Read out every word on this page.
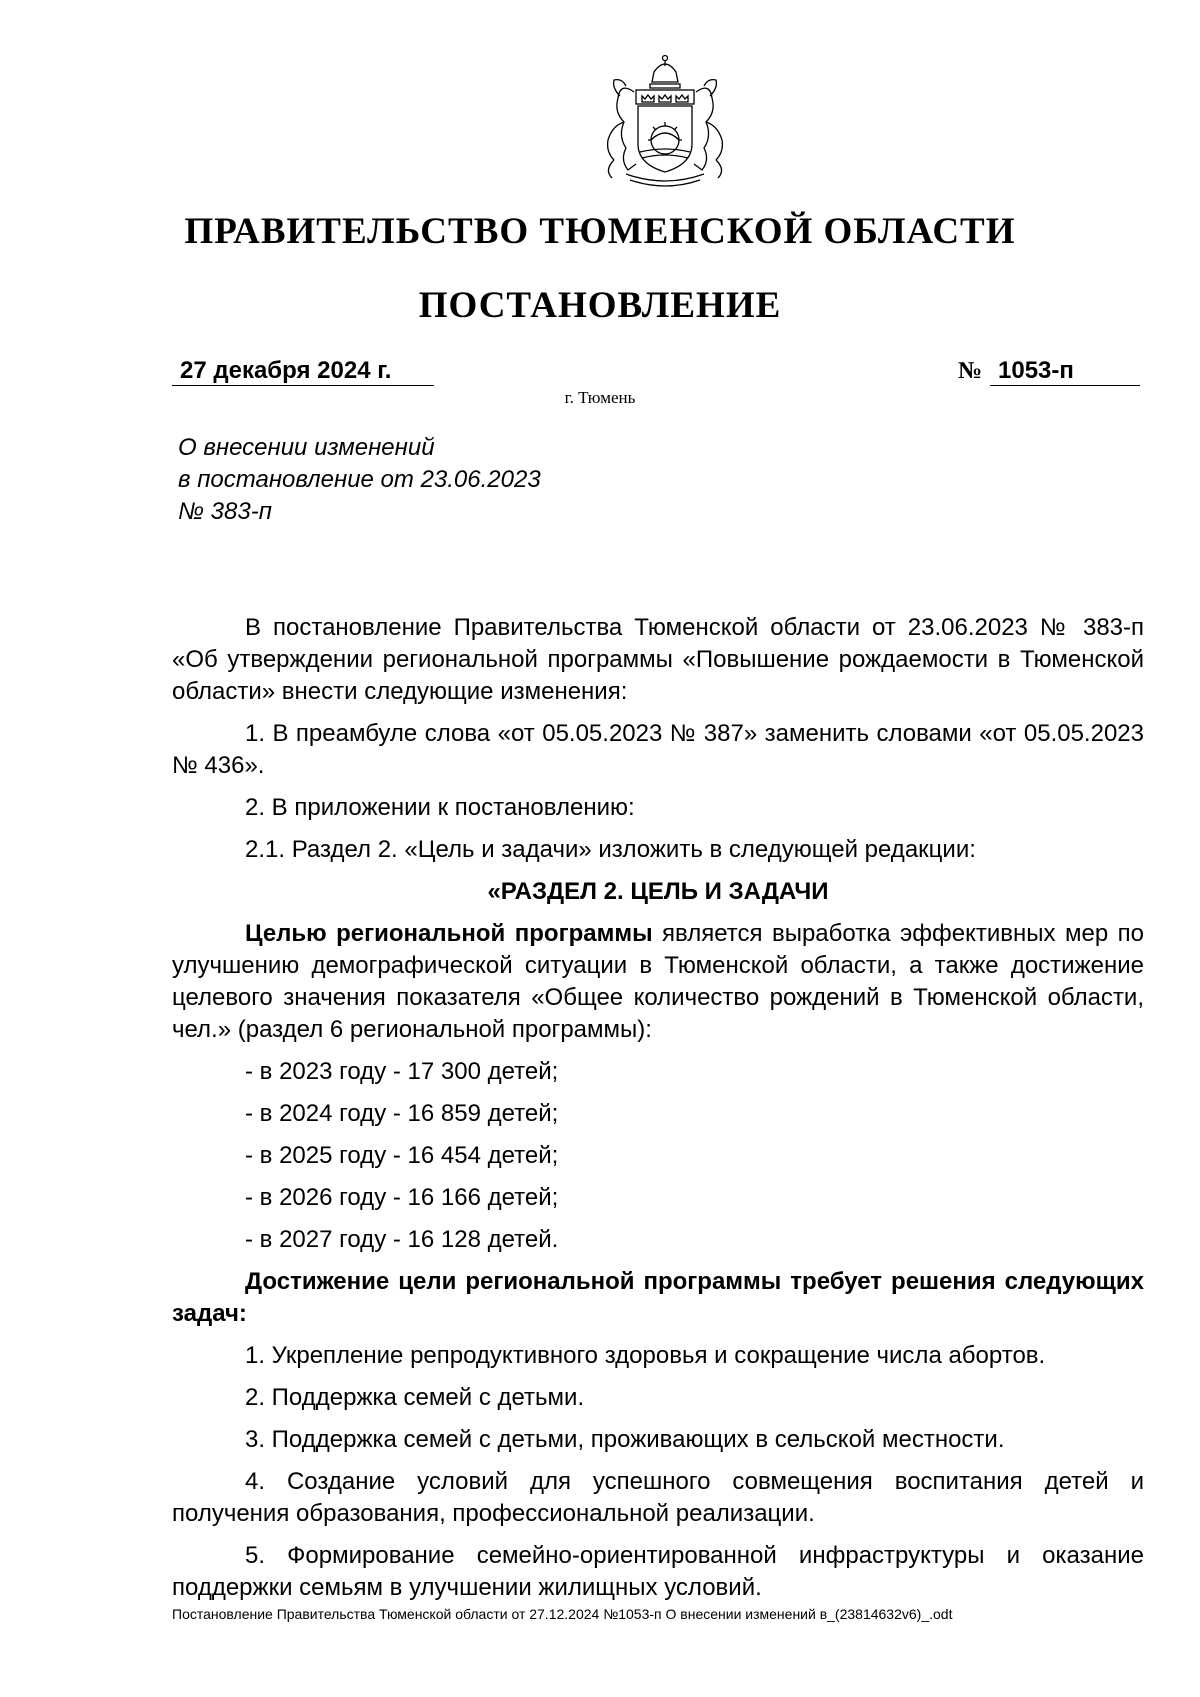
ПРАВИТЕЛЬСТВО ТЮМЕНСКОЙ ОБЛАСТИ
ПОСТАНОВЛЕНИЕ
27 декабря 2024 г.	№ 1053-п
г. Тюмень
О внесении изменений
в постановление от 23.06.2023
№ 383-п

В постановление Правительства Тюменской области от 23.06.2023 № 383-п «Об утверждении региональной программы «Повышение рождаемости в Тюменской области» внести следующие изменения:

1. В преамбуле слова «от 05.05.2023 № 387» заменить словами «от 05.05.2023 № 436».

2. В приложении к постановлению:

2.1. Раздел 2. «Цель и задачи» изложить в следующей редакции:

«РАЗДЕЛ 2. ЦЕЛЬ И ЗАДАЧИ

Целью региональной программы является выработка эффективных мер по улучшению демографической ситуации в Тюменской области, а также достижение целевого значения показателя «Общее количество рождений в Тюменской области, чел.» (раздел 6 региональной программы):

- в 2023 году - 17 300 детей;

- в 2024 году - 16 859 детей;

- в 2025 году - 16 454 детей;

- в 2026 году - 16 166 детей;

- в 2027 году - 16 128 детей.

Достижение цели региональной программы требует решения следующих задач:

1. Укрепление репродуктивного здоровья и сокращение числа абортов.

2. Поддержка семей с детьми.

3. Поддержка семей с детьми, проживающих в сельской местности.

4. Создание условий для успешного совмещения воспитания детей и получения образования, профессиональной реализации.

5. Формирование семейно-ориентированной инфраструктуры и оказание поддержки семьям в улучшении жилищных условий.

Постановление Правительства Тюменской области от 27.12.2024 №1053-п О внесении изменений в_(23814632v6)_.odt
